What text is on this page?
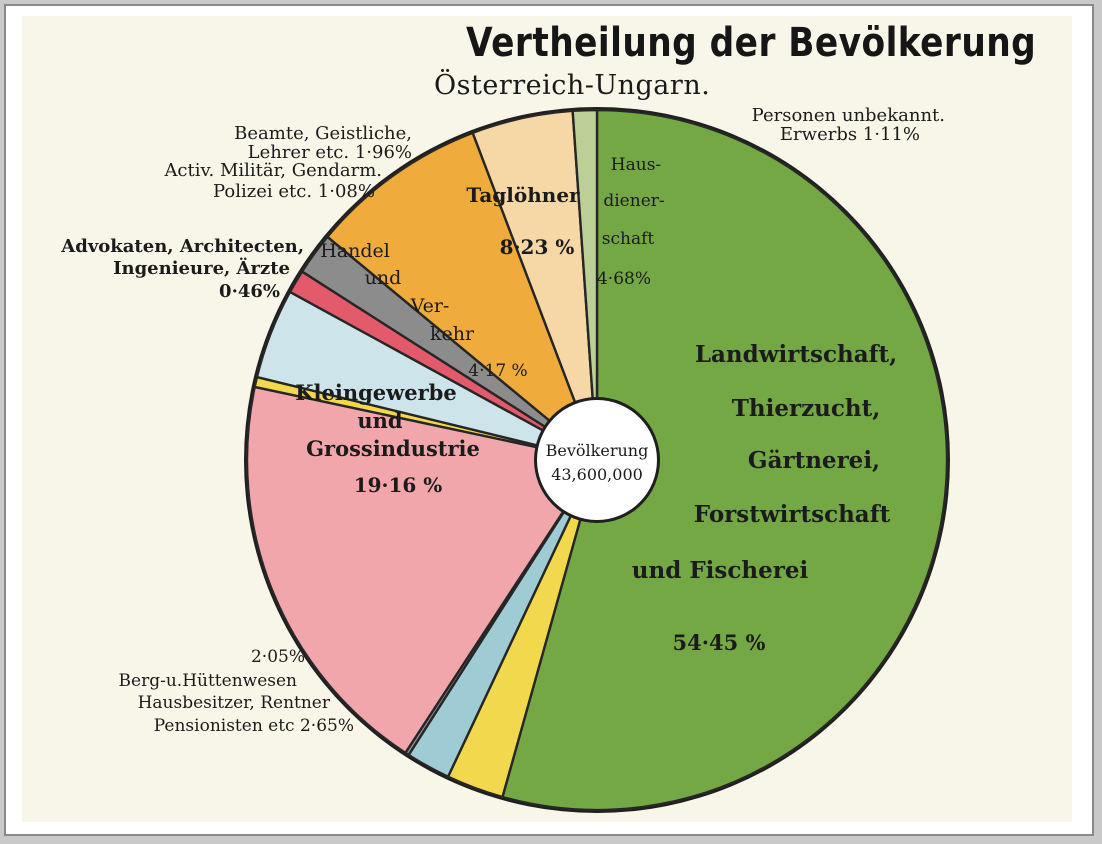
Vertheilung der Bevölkerung
Österreich-Ungarn.
Bevölkerung
43,600,000
Landwirtschaft,
Thierzucht,
Gärtnerei,
Forstwirtschaft
und Fischerei
54·45 %
Kleingewerbe
und
Grossindustrie
19·16 %
Handel
und
Ver-
kehr
4·17 %
Taglöhner
8·23 %
Haus-
diener-
schaft
4·68%
Beamte, Geistliche,
Lehrer etc. 1·96%
Activ. Militär, Gendarm.
Polizei etc. 1·08%
Advokaten, Architecten,
Ingenieure, Ärzte
0·46%
2·05%
Berg-u.Hüttenwesen
Hausbesitzer, Rentner
Pensionisten etc 2·65%
Personen unbekannt.
Erwerbs 1·11%
